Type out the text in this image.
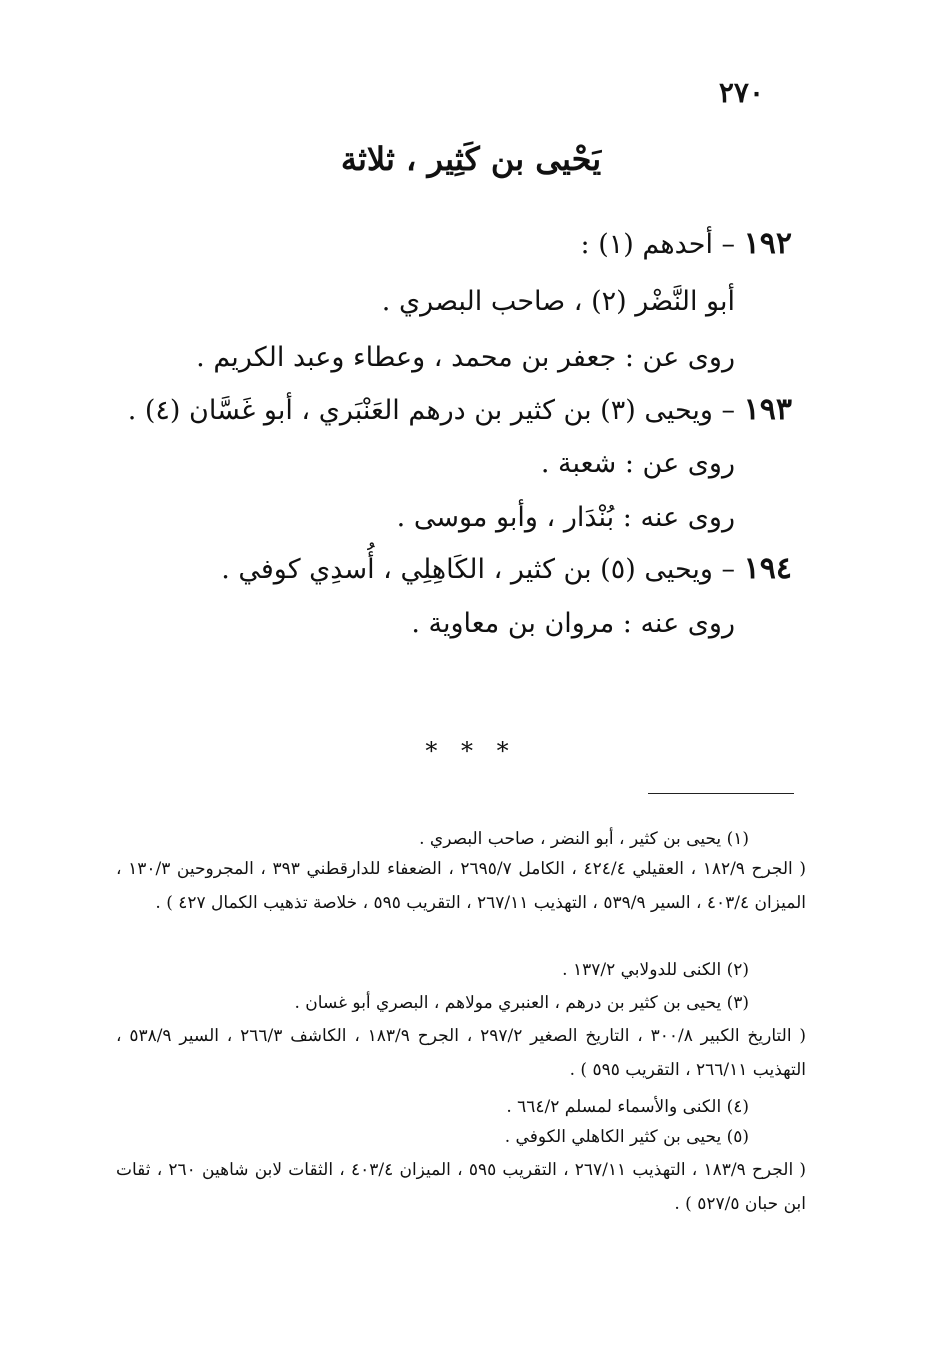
٢٧٠
يَحْيى بن كَثِير ، ثلاثة
١٩٢ – أحدهم (١) :
أبو النَّضْر (٢) ، صاحب البصري .
روى عن : جعفر بن محمد ، وعطاء وعبد الكريم .
١٩٣ – ويحيى (٣) بن كثير بن درهم العَنْبَري ، أبو غَسَّان (٤) .
روى عن : شعبة .
روى عنه : بُنْدَار ، وأبو موسى .
١٩٤ – ويحيى (٥) بن كثير ، الكَاهِلِي ، أُسدِي كوفي .
روى عنه : مروان بن معاوية .
* * *
(١) يحيى بن كثير ، أبو النضر ، صاحب البصري .
( الجرح ١٨٢/٩ ، العقيلي ٤٢٤/٤ ، الكامل ٢٦٩٥/٧ ، الضعفاء للدارقطني ٣٩٣ ، المجروحين ١٣٠/٣ ، الميزان ٤٠٣/٤ ، السير ٥٣٩/٩ ، التهذيب ٢٦٧/١١ ، التقريب ٥٩٥ ، خلاصة تذهيب الكمال ٤٢٧ ) .
(٢) الكنى للدولابي ١٣٧/٢ .
(٣) يحيى بن كثير بن درهم ، العنبري مولاهم ، البصري أبو غسان .
( التاريخ الكبير ٣٠٠/٨ ، التاريخ الصغير ٢٩٧/٢ ، الجرح ١٨٣/٩ ، الكاشف ٢٦٦/٣ ، السير ٥٣٨/٩ ، التهذيب ٢٦٦/١١ ، التقريب ٥٩٥ ) .
(٤) الكنى والأسماء لمسلم ٦٦٤/٢ .
(٥) يحيى بن كثير الكاهلي الكوفي .
( الجرح ١٨٣/٩ ، التهذيب ٢٦٧/١١ ، التقريب ٥٩٥ ، الميزان ٤٠٣/٤ ، الثقات لابن شاهين ٢٦٠ ، ثقات ابن حبان ٥٢٧/٥ ) .
